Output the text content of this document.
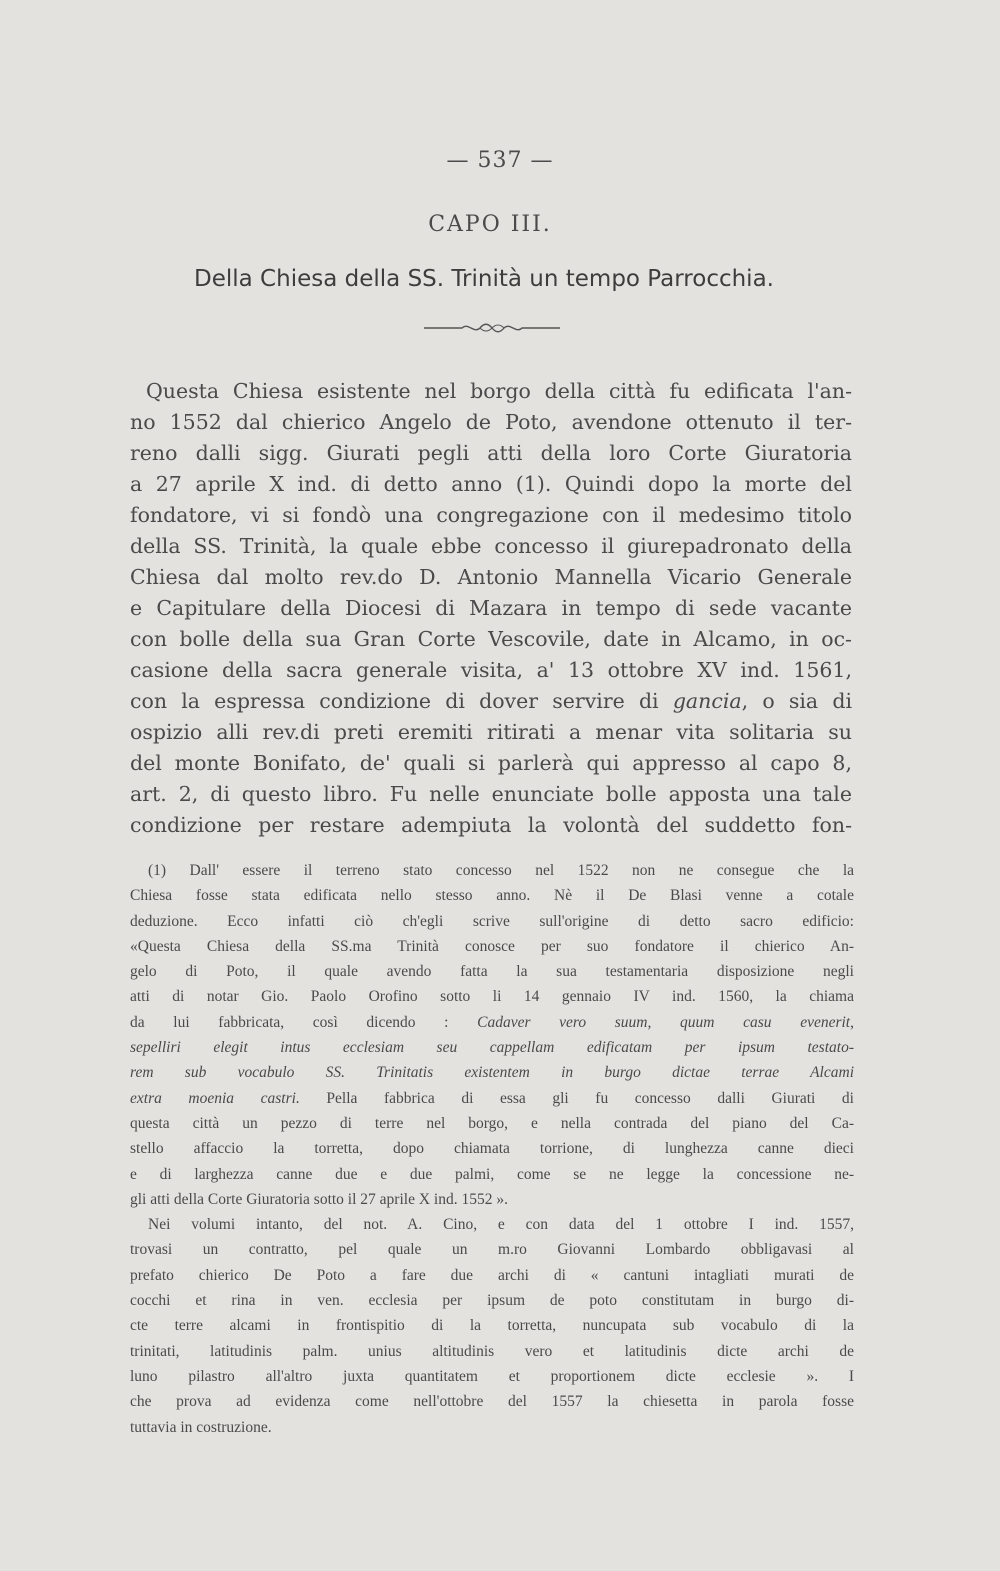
— 537 —
CAPO III.
Della Chiesa della SS. Trinità un tempo Parrocchia.
Questa Chiesa esistente nel borgo della città fu edificata l'an-
no 1552 dal chierico Angelo de Poto, avendone ottenuto il ter-
reno dalli sigg. Giurati pegli atti della loro Corte Giuratoria
a 27 aprile X ind. di detto anno (1). Quindi dopo la morte del
fondatore, vi si fondò una congregazione con il medesimo titolo
della SS. Trinità, la quale ebbe concesso il giurepadronato della
Chiesa dal molto rev.do D. Antonio Mannella Vicario Generale
e Capitulare della Diocesi di Mazara in tempo di sede vacante
con bolle della sua Gran Corte Vescovile, date in Alcamo, in oc-
casione della sacra generale visita, a' 13 ottobre XV ind. 1561,
con la espressa condizione di dover servire di gancia, o sia di
ospizio alli rev.di preti eremiti ritirati a menar vita solitaria su
del monte Bonifato, de' quali si parlerà qui appresso al capo 8,
art. 2, di questo libro. Fu nelle enunciate bolle apposta una tale
condizione per restare adempiuta la volontà del suddetto fon-
(1) Dall' essere il terreno stato concesso nel 1522 non ne consegue che la
Chiesa fosse stata edificata nello stesso anno. Nè il De Blasi venne a cotale
deduzione. Ecco infatti ciò ch'egli scrive sull'origine di detto sacro edificio:
«Questa Chiesa della SS.ma Trinità conosce per suo fondatore il chierico An-
gelo di Poto, il quale avendo fatta la sua testamentaria disposizione negli
atti di notar Gio. Paolo Orofino sotto li 14 gennaio IV ind. 1560, la chiama
da lui fabbricata, così dicendo : Cadaver vero suum, quum casu evenerit,
sepelliri elegit intus ecclesiam seu cappellam edificatam per ipsum testato-
rem sub vocabulo SS. Trinitatis existentem in burgo dictae terrae Alcami
extra moenia castri. Pella fabbrica di essa gli fu concesso dalli Giurati di
questa città un pezzo di terre nel borgo, e nella contrada del piano del Ca-
stello affaccio la torretta, dopo chiamata torrione, di lunghezza canne dieci
e di larghezza canne due e due palmi, come se ne legge la concessione ne-
gli atti della Corte Giuratoria sotto il 27 aprile X ind. 1552 ».
Nei volumi intanto, del not. A. Cino, e con data del 1 ottobre I ind. 1557,
trovasi un contratto, pel quale un m.ro Giovanni Lombardo obbligavasi al
prefato chierico De Poto a fare due archi di « cantuni intagliati murati de
cocchi et rina in ven. ecclesia per ipsum de poto constitutam in burgo di-
cte terre alcami in frontispitio di la torretta, nuncupata sub vocabulo di la
trinitati, latitudinis palm. unius altitudinis vero et latitudinis dicte archi de
luno pilastro all'altro juxta quantitatem et proportionem dicte ecclesie ». I
che prova ad evidenza come nell'ottobre del 1557 la chiesetta in parola fosse
tuttavia in costruzione.
